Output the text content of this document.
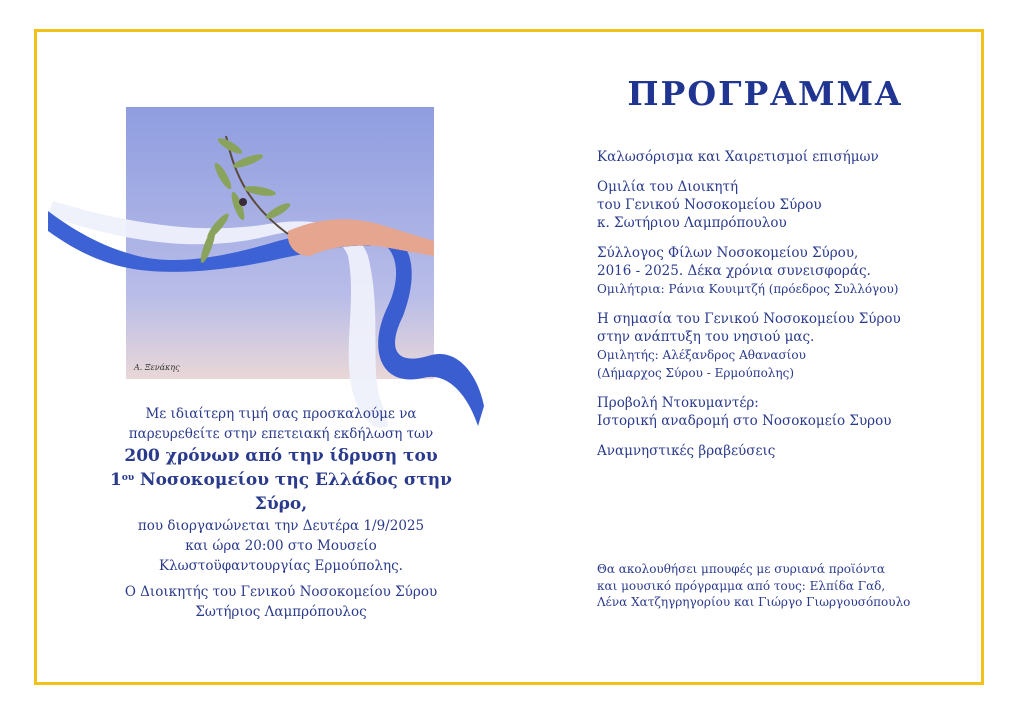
Α. Ξενάκης
Με ιδιαίτερη τιμή σας προσκαλούμε να
παρευρεθείτε στην επετειακή εκδήλωση των
200 χρόνων από την ίδρυση του
$1^{o\upsilon}$ Νοσοκομείου της Ελλάδος στην Σύρο,
που διοργανώνεται την Δευτέρα 1/9/2025
και ώρα 20:00 στο Μουσείο
Κλωστοϋφαντουργίας Ερμούπολης.
Ο Διοικητής του Γενικού Νοσοκομείου Σύρου
Σωτήριος Λαμπρόπουλος
ΠΡΟΓΡΑΜΜΑ
Καλωσόρισμα και Χαιρετισμοί επισήμων
Ομιλία του Διοικητή
του Γενικού Νοσοκομείου Σύρου
κ. Σωτήριου Λαμπρόπουλου
Σύλλογος Φίλων Νοσοκομείου Σύρου,
2016 - 2025. Δέκα χρόνια συνεισφοράς.
Ομιλήτρια: Ράνια Κουιμτζή (πρόεδρος Συλλόγου)
Η σημασία του Γενικού Νοσοκομείου Σύρου
στην ανάπτυξη του νησιού μας.
Ομιλητής: Αλέξανδρος Αθανασίου
(Δήμαρχος Σύρου - Ερμούπολης)
Προβολή Ντοκυμαντέρ:
Ιστορική αναδρομή στο Νοσοκομείο Συρου
Αναμνηστικές βραβεύσεις
Θα ακολουθήσει μπουφές με συριανά προϊόντα
και μουσικό πρόγραμμα από τους: Ελπίδα Γαδ,
Λένα Χατζηγρηγορίου και Γιώργο Γιωργουσόπουλο
